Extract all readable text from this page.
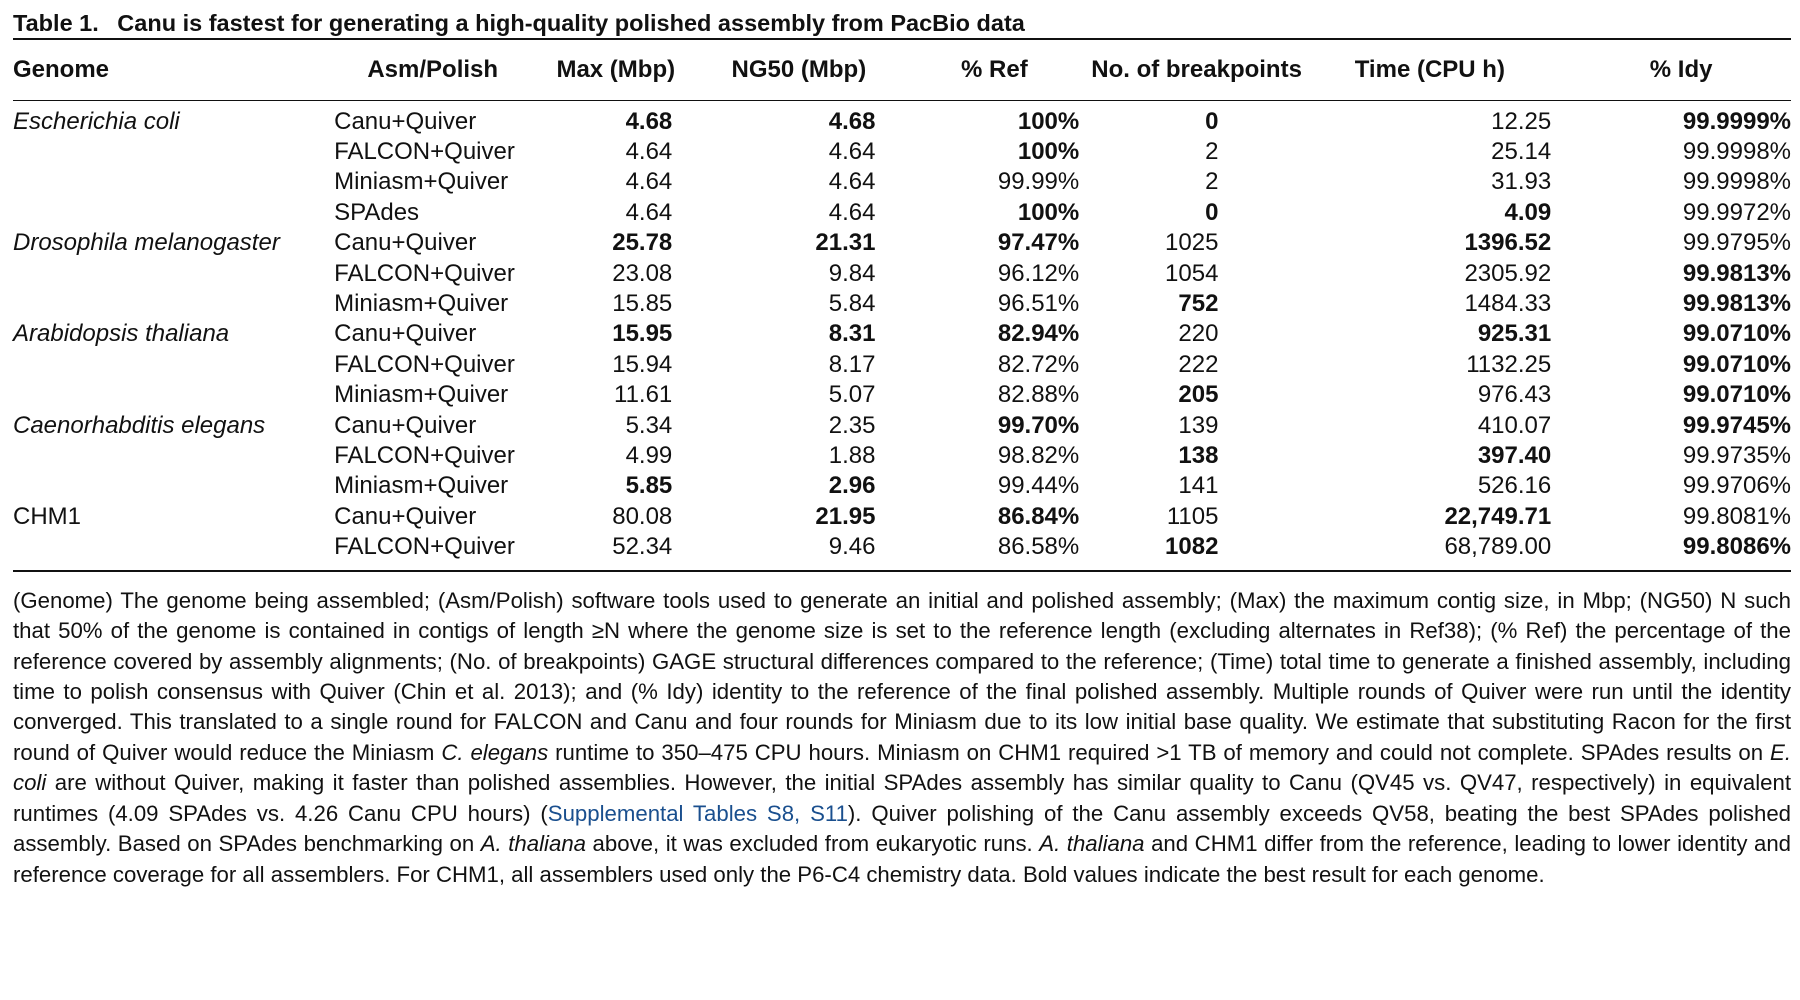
Table 1. Canu is fastest for generating a high-quality polished assembly from PacBio data
Genome	Asm/Polish	Max (Mbp)	NG50 (Mbp)	% Ref	No. of breakpoints	Time (CPU h)	% Idy

Escherichia coli	Canu+Quiver	4.68	4.68	100%	0	12.25	99.9999%
	FALCON+Quiver	4.64	4.64	100%	2	25.14	99.9998%
	Miniasm+Quiver	4.64	4.64	99.99%	2	31.93	99.9998%
	SPAdes	4.64	4.64	100%	0	4.09	99.9972%
Drosophila melanogaster	Canu+Quiver	25.78	21.31	97.47%	1025	1396.52	99.9795%
	FALCON+Quiver	23.08	9.84	96.12%	1054	2305.92	99.9813%
	Miniasm+Quiver	15.85	5.84	96.51%	752	1484.33	99.9813%
Arabidopsis thaliana	Canu+Quiver	15.95	8.31	82.94%	220	925.31	99.0710%
	FALCON+Quiver	15.94	8.17	82.72%	222	1132.25	99.0710%
	Miniasm+Quiver	11.61	5.07	82.88%	205	976.43	99.0710%
Caenorhabditis elegans	Canu+Quiver	5.34	2.35	99.70%	139	410.07	99.9745%
	FALCON+Quiver	4.99	1.88	98.82%	138	397.40	99.9735%
	Miniasm+Quiver	5.85	2.96	99.44%	141	526.16	99.9706%
CHM1	Canu+Quiver	80.08	21.95	86.84%	1105	22,749.71	99.8081%
	FALCON+Quiver	52.34	9.46	86.58%	1082	68,789.00	99.8086%

(Genome) The genome being assembled; (Asm/Polish) software tools used to generate an initial and polished assembly; (Max) the maximum contig size, in Mbp; (NG50) N such that 50% of the genome is contained in contigs of length ≥N where the genome size is set to the reference length (excluding alternates in Ref38); (% Ref) the percentage of the reference covered by assembly alignments; (No. of breakpoints) GAGE structural differences compared to the reference; (Time) total time to generate a finished assembly, including time to polish consensus with Quiver (Chin et al. 2013); and (% Idy) identity to the reference of the final polished assembly. Multiple rounds of Quiver were run until the identity converged. This translated to a single round for FALCON and Canu and four rounds for Miniasm due to its low initial base quality. We estimate that substituting Racon for the first round of Quiver would reduce the Miniasm C. elegans runtime to 350–475 CPU hours. Miniasm on CHM1 required >1 TB of memory and could not complete. SPAdes results on E. coli are without Quiver, making it faster than polished assemblies. However, the initial SPAdes assembly has similar quality to Canu (QV45 vs. QV47, respectively) in equivalent runtimes (4.09 SPAdes vs. 4.26 Canu CPU hours) (Supplemental Tables S8, S11). Quiver polishing of the Canu assembly exceeds QV58, beating the best SPAdes polished assembly. Based on SPAdes benchmarking on A. thaliana above, it was excluded from eukaryotic runs. A. thaliana and CHM1 differ from the reference, leading to lower identity and reference coverage for all assemblers. For CHM1, all assemblers used only the P6-C4 chemistry data. Bold values indicate the best result for each genome.
